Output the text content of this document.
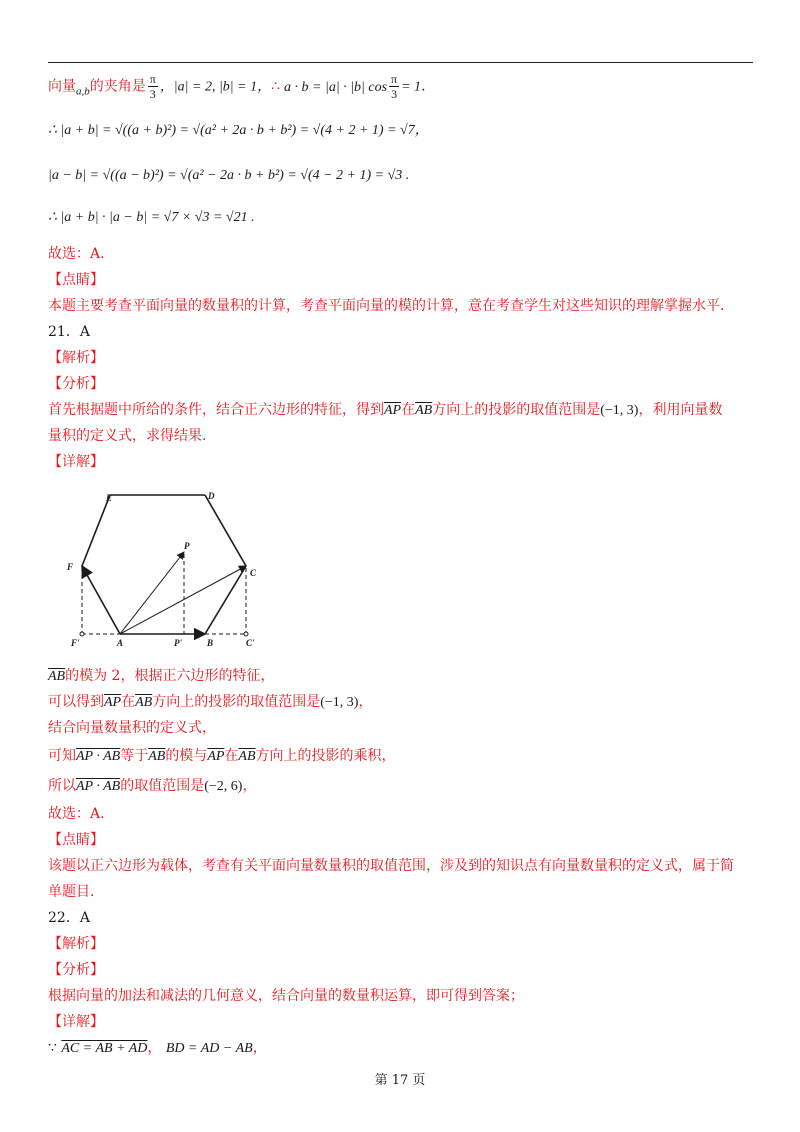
向量$_{a,b}$的夹角是 $\frac{\pi}{3}$ ，|a| = 2, |b| = 1，∴ a · b = |a| · |b| $\cos \frac{\pi}{3} = 1$.
∴ |a + b| = √((a + b)²) = √(a² + 2a · b + b²) = √(4 + 2 + 1) = √7，
|a − b| = √((a − b)²) = √(a² − 2a · b + b²) = √(4 − 2 + 1) = √3 .
∴ |a + b| · |a − b| = √7 × √3 = √21 .
故选：A.
【点睛】
本题主要考查平面向量的数量积的计算，考查平面向量的模的计算，意在考查学生对这些知识的理解掌握水平.
21．A
【解析】
【分析】
首先根据题中所给的条件，结合正六边形的特征，得到$\overline{AP}$在$\overline{AB}$方向上的投影的取值范围是(−1, 3)，利用向量数
量积的定义式，求得结果.
【详解】
E	D
F
C
P
F'	A	P'	B	C'
$\overline{AB}$的模为 2，根据正六边形的特征，
可以得到$\overline{AP}$在$\overline{AB}$方向上的投影的取值范围是(−1, 3)，
结合向量数量积的定义式，
可知AP · AB等于$\overline{AB}$的模与$\overline{AP}$在$\overline{AB}$方向上的投影的乘积，
所以AP · AB的取值范围是(−2, 6)，
故选：A.
【点睛】
该题以正六边形为载体，考查有关平面向量数量积的取值范围，涉及到的知识点有向量数量积的定义式，属于简
单题目.
22．A
【解析】
【分析】
根据向量的加法和减法的几何意义，结合向量的数量积运算，即可得到答案；
【详解】
∵ AC = AB + AD， BD = AD − AB，
第 17 页
